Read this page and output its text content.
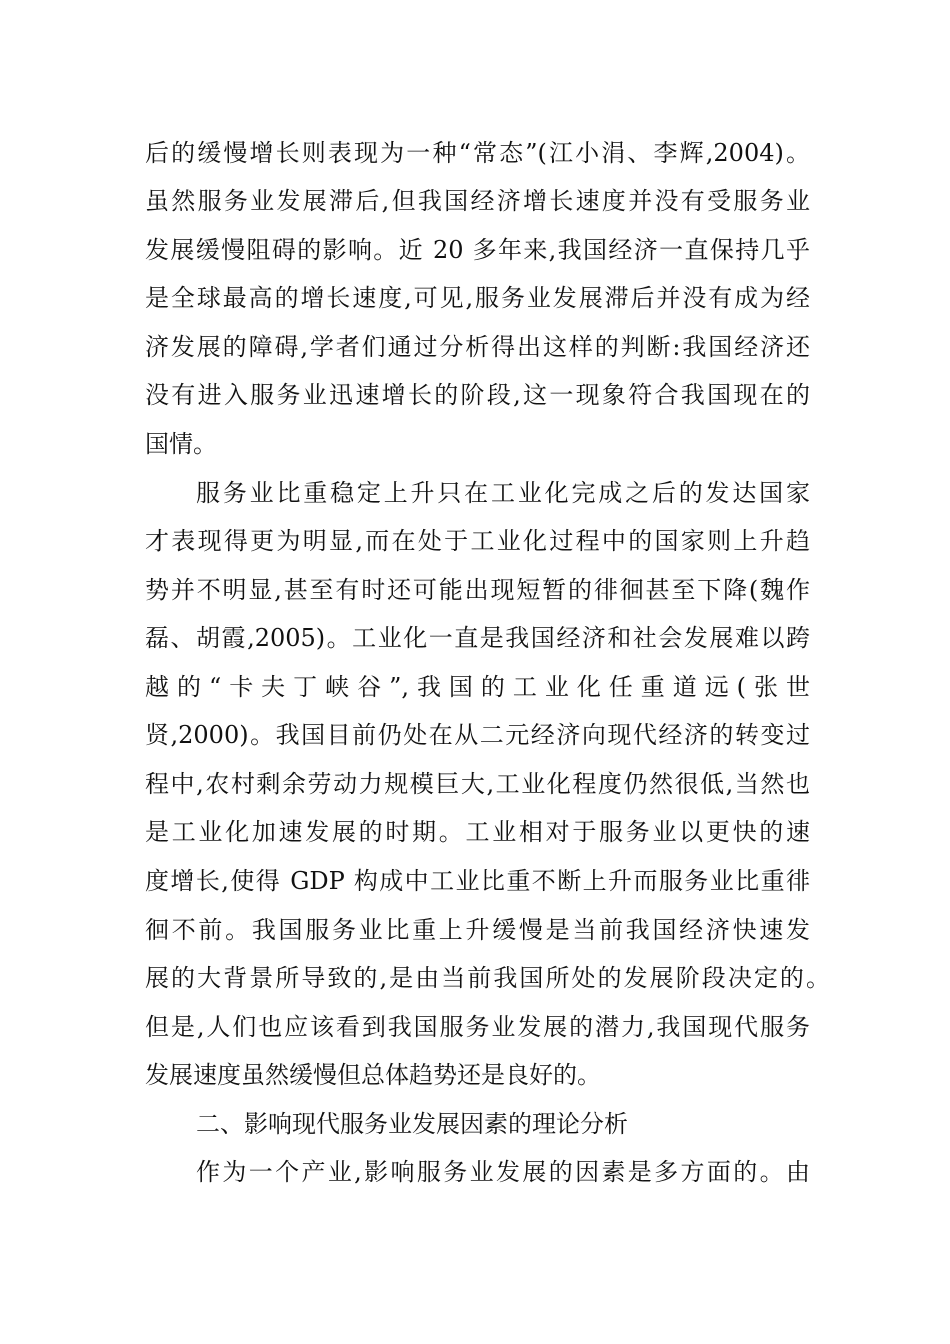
后的缓慢增长则表现为一种“常态”(江小涓、李辉,2004)。
虽然服务业发展滞后,但我国经济增长速度并没有受服务业
发展缓慢阻碍的影响。近 20 多年来,我国经济一直保持几乎
是全球最高的增长速度,可见,服务业发展滞后并没有成为经
济发展的障碍,学者们通过分析得出这样的判断:我国经济还
没有进入服务业迅速增长的阶段,这一现象符合我国现在的
国情。
服务业比重稳定上升只在工业化完成之后的发达国家
才表现得更为明显,而在处于工业化过程中的国家则上升趋
势并不明显,甚至有时还可能出现短暂的徘徊甚至下降(魏作
磊、胡霞,2005)。工业化一直是我国经济和社会发展难以跨
越的“卡夫丁峡谷”,我国的工业化任重道远(张世
贤,2000)。我国目前仍处在从二元经济向现代经济的转变过
程中,农村剩余劳动力规模巨大,工业化程度仍然很低,当然也
是工业化加速发展的时期。工业相对于服务业以更快的速
度增长,使得 GDP 构成中工业比重不断上升而服务业比重徘
徊不前。我国服务业比重上升缓慢是当前我国经济快速发
展的大背景所导致的,是由当前我国所处的发展阶段决定的。
但是,人们也应该看到我国服务业发展的潜力,我国现代服务
发展速度虽然缓慢但总体趋势还是良好的。
二、影响现代服务业发展因素的理论分析
作为一个产业,影响服务业发展的因素是多方面的。由
